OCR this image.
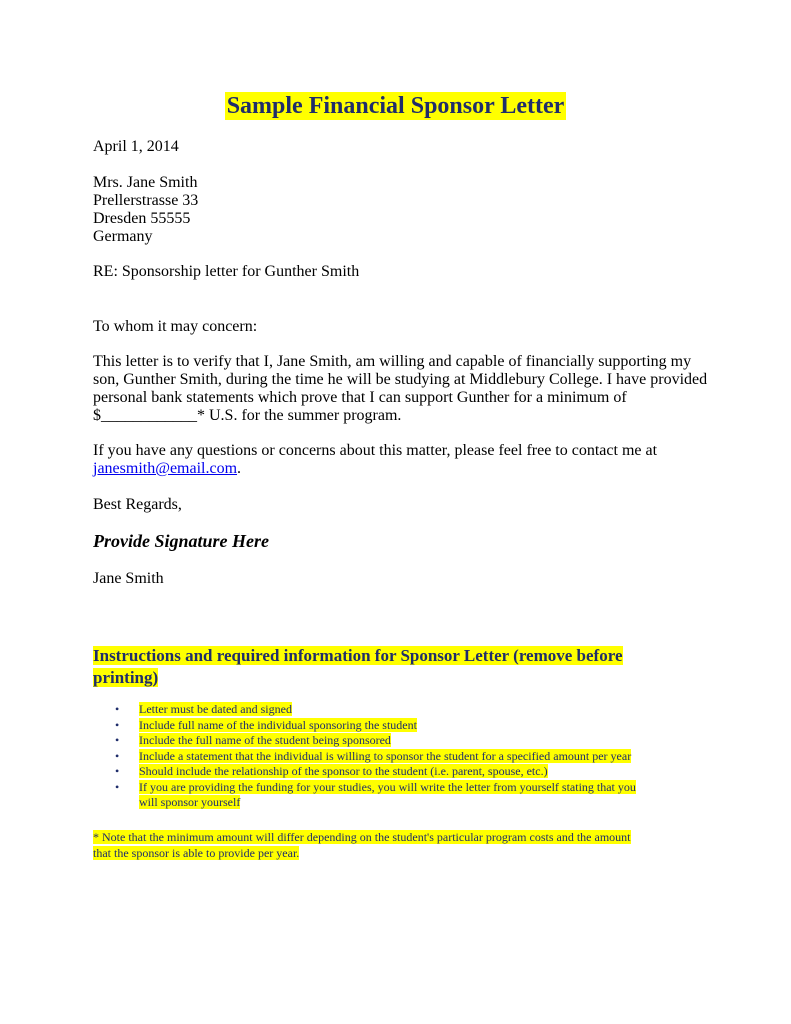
Sample Financial Sponsor Letter
April 1, 2014
Mrs. Jane Smith
Prellerstrasse 33
Dresden 55555
Germany
RE: Sponsorship letter for Gunther Smith
To whom it may concern:
This letter is to verify that I, Jane Smith, am willing and capable of financially supporting my
son, Gunther Smith, during the time he will be studying at Middlebury College. I have provided
personal bank statements which prove that I can support Gunther for a minimum of
$____________* U.S. for the summer program.
If you have any questions or concerns about this matter, please feel free to contact me at
janesmith@email.com.
Best Regards,
Provide Signature Here
Jane Smith
Instructions and required information for Sponsor Letter (remove before
printing)
• Letter must be dated and signed
• Include full name of the individual sponsoring the student
• Include the full name of the student being sponsored
• Include a statement that the individual is willing to sponsor the student for a specified amount per year
• Should include the relationship of the sponsor to the student (i.e. parent, spouse, etc.)
• If you are providing the funding for your studies, you will write the letter from yourself stating that you
will sponsor yourself
* Note that the minimum amount will differ depending on the student's particular program costs and the amount
that the sponsor is able to provide per year.
